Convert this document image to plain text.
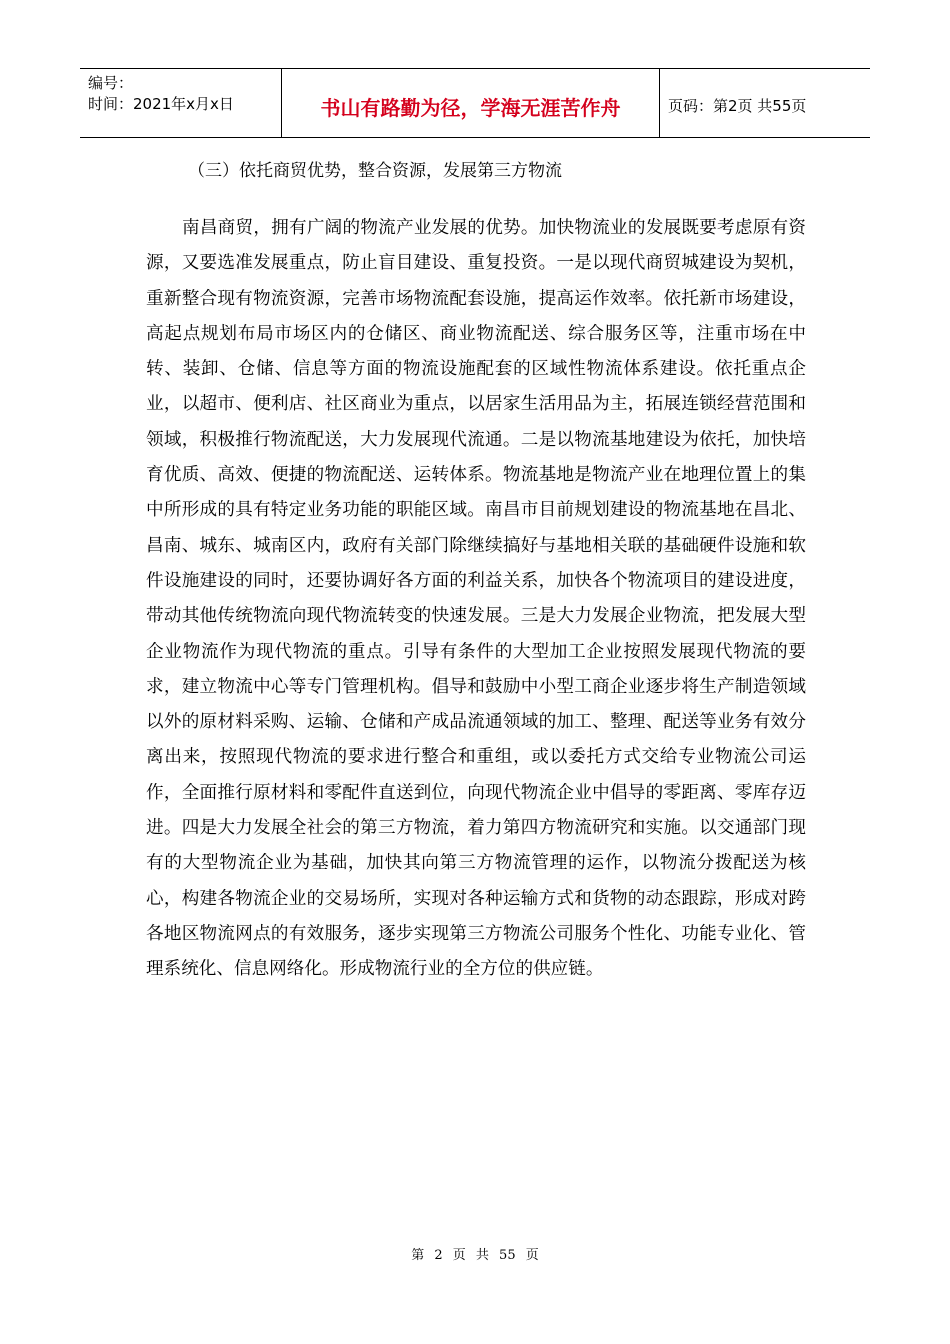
编号：
时间：2021年x月x日	书山有路勤为径，学海无涯苦作舟	页码：第2页 共55页
（三）依托商贸优势，整合资源，发展第三方物流

南昌商贸，拥有广阔的物流产业发展的优势。加快物流业的发展既要考虑原有资源，又要选准发展重点，防止盲目建设、重复投资。一是以现代商贸城建设为契机，重新整合现有物流资源，完善市场物流配套设施，提高运作效率。依托新市场建设，高起点规划布局市场区内的仓储区、商业物流配送、综合服务区等，注重市场在中转、装卸、仓储、信息等方面的物流设施配套的区域性物流体系建设。依托重点企业，以超市、便利店、社区商业为重点，以居家生活用品为主，拓展连锁经营范围和领域，积极推行物流配送，大力发展现代流通。二是以物流基地建设为依托，加快培育优质、高效、便捷的物流配送、运转体系。物流基地是物流产业在地理位置上的集中所形成的具有特定业务功能的职能区域。南昌市目前规划建设的物流基地在昌北、昌南、城东、城南区内，政府有关部门除继续搞好与基地相关联的基础硬件设施和软件设施建设的同时，还要协调好各方面的利益关系，加快各个物流项目的建设进度，带动其他传统物流向现代物流转变的快速发展。三是大力发展企业物流，把发展大型企业物流作为现代物流的重点。引导有条件的大型加工企业按照发展现代物流的要求，建立物流中心等专门管理机构。倡导和鼓励中小型工商企业逐步将生产制造领域以外的原材料采购、运输、仓储和产成品流通领域的加工、整理、配送等业务有效分离出来，按照现代物流的要求进行整合和重组，或以委托方式交给专业物流公司运作，全面推行原材料和零配件直送到位，向现代物流企业中倡导的零距离、零库存迈进。四是大力发展全社会的第三方物流，着力第四方物流研究和实施。以交通部门现有的大型物流企业为基础，加快其向第三方物流管理的运作，以物流分拨配送为核心，构建各物流企业的交易场所，实现对各种运输方式和货物的动态跟踪，形成对跨各地区物流网点的有效服务，逐步实现第三方物流公司服务个性化、功能专业化、管理系统化、信息网络化。形成物流行业的全方位的供应链。

第 2 页 共 55 页
